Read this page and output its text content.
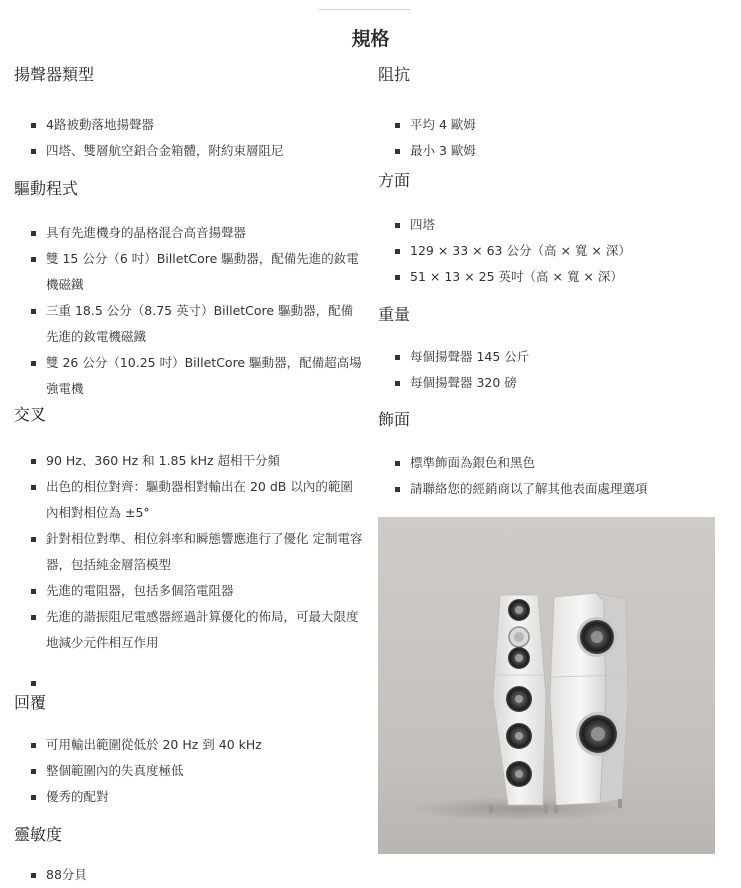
規格
揚聲器類型
4路被動落地揚聲器
四塔、雙層航空鋁合金箱體，附約束層阻尼
驅動程式
具有先進機身的晶格混合高音揚聲器
雙 15 公分（6 吋）BilletCore 驅動器，配備先進的釹電機磁鐵
三重 18.5 公分（8.75 英寸）BilletCore 驅動器，配備先進的釹電機磁鐵
雙 26 公分（10.25 吋）BilletCore 驅動器，配備超高場強電機
交叉
90 Hz、360 Hz 和 1.85 kHz 超相干分頻
出色的相位對齊：驅動器相對輸出在 20 dB 以內的範圍內相對相位為 ±5°
針對相位對準、相位斜率和瞬態響應進行了優化 定制電容器，包括純金層箔模型
先進的電阻器，包括多個箔電阻器
先進的諧振阻尼電感器經過計算優化的佈局，可最大限度地減少元件相互作用
回覆
可用輸出範圍從低於 20 Hz 到 40 kHz
整個範圍內的失真度極低
優秀的配對
靈敏度
88分貝
阻抗
平均 4 歐姆
最小 3 歐姆
方面
四塔
129 × 33 × 63 公分（高 × 寬 × 深）
51 × 13 × 25 英吋（高 × 寬 × 深）
重量
每個揚聲器 145 公斤
每個揚聲器 320 磅
飾面
標準飾面為銀色和黑色
請聯絡您的經銷商以了解其他表面處理選項
